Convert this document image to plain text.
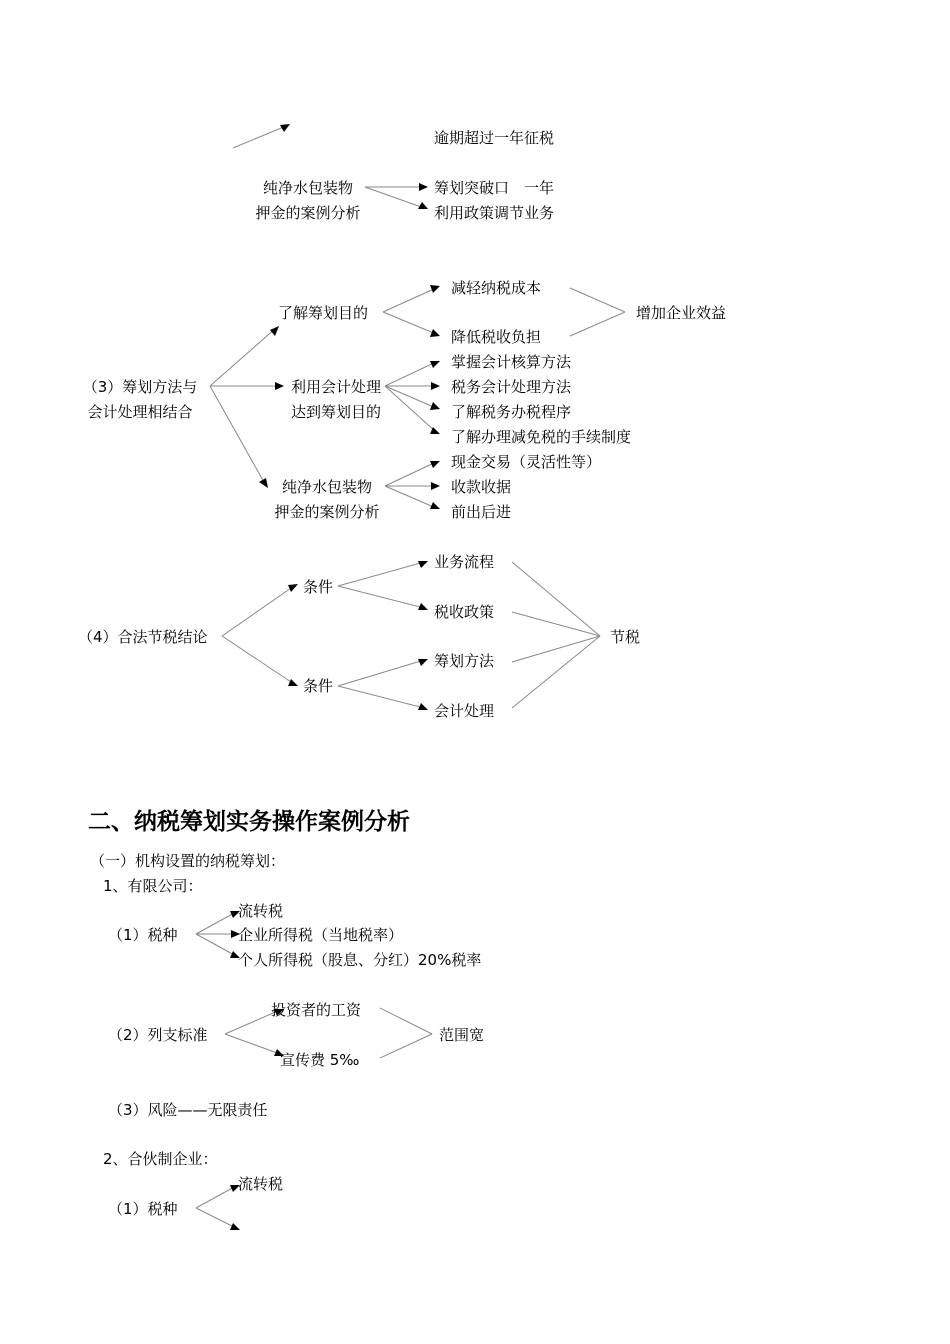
逾期超过一年征税
纯净水包装物
押金的案例分析
筹划突破口　一年
利用政策调节业务
（3）筹划方法与
会计处理相结合
了解筹划目的
减轻纳税成本
降低税收负担
增加企业效益
利用会计处理
达到筹划目的
掌握会计核算方法
税务会计处理方法
了解税务办税程序
了解办理减免税的手续制度
纯净水包装物
押金的案例分析
现金交易（灵活性等）
收款收据
前出后进
（4）合法节税结论
条件
条件
业务流程
税收政策
筹划方法
会计处理
节税
二、纳税筹划实务操作案例分析
（一）机构设置的纳税筹划：
1、有限公司：
（1）税种
流转税
企业所得税（当地税率）
个人所得税（股息、分红）20%税率
（2）列支标准
投资者的工资
宣传费 5‰
范围宽
（3）风险——无限责任
2、合伙制企业：
流转税
（1）税种
